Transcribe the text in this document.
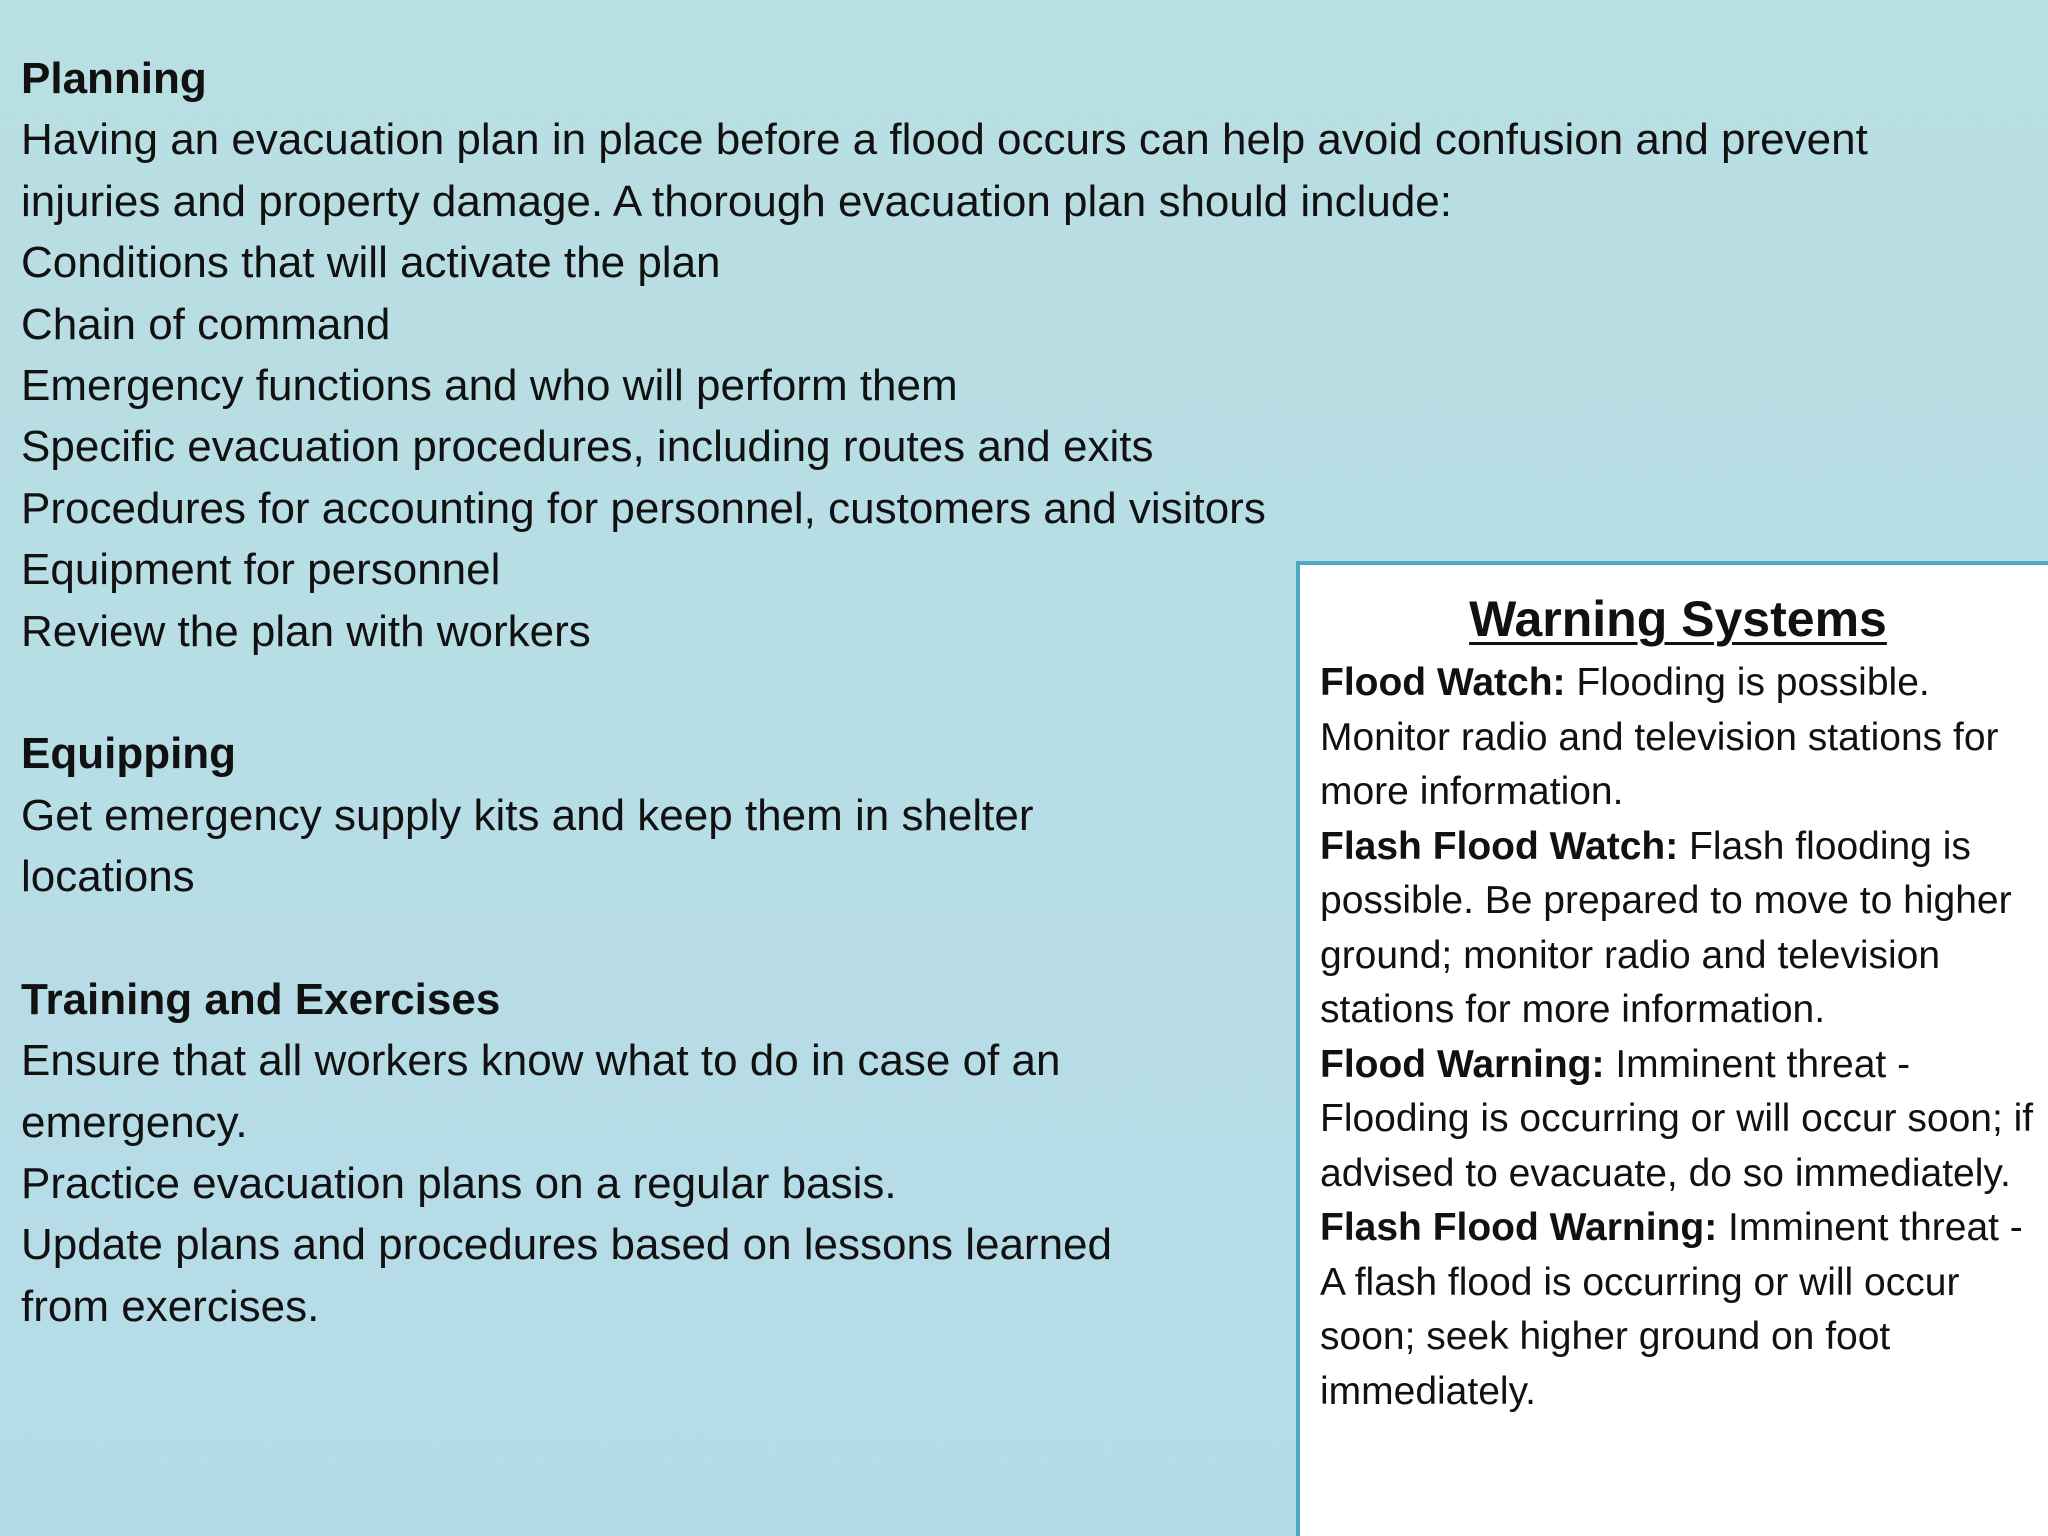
Planning
Having an evacuation plan in place before a flood occurs can help avoid confusion and prevent
injuries and property damage. A thorough evacuation plan should include:
Conditions that will activate the plan
Chain of command
Emergency functions and who will perform them
Specific evacuation procedures, including routes and exits
Procedures for accounting for personnel, customers and visitors
Equipment for personnel
Review the plan with workers
Equipping
Get emergency supply kits and keep them in shelter
locations
Training and Exercises
Ensure that all workers know what to do in case of an
emergency.
Practice evacuation plans on a regular basis.
Update plans and procedures based on lessons learned
from exercises.
Warning Systems

Flood Watch: Flooding is possible. Monitor radio and television stations for more information.

Flash Flood Watch: Flash flooding is possible. Be prepared to move to higher ground; monitor radio and television stations for more information.

Flood Warning: Imminent threat - Flooding is occurring or will occur soon; if advised to evacuate, do so immediately.

Flash Flood Warning: Imminent threat - A flash flood is occurring or will occur soon; seek higher ground on foot immediately.
